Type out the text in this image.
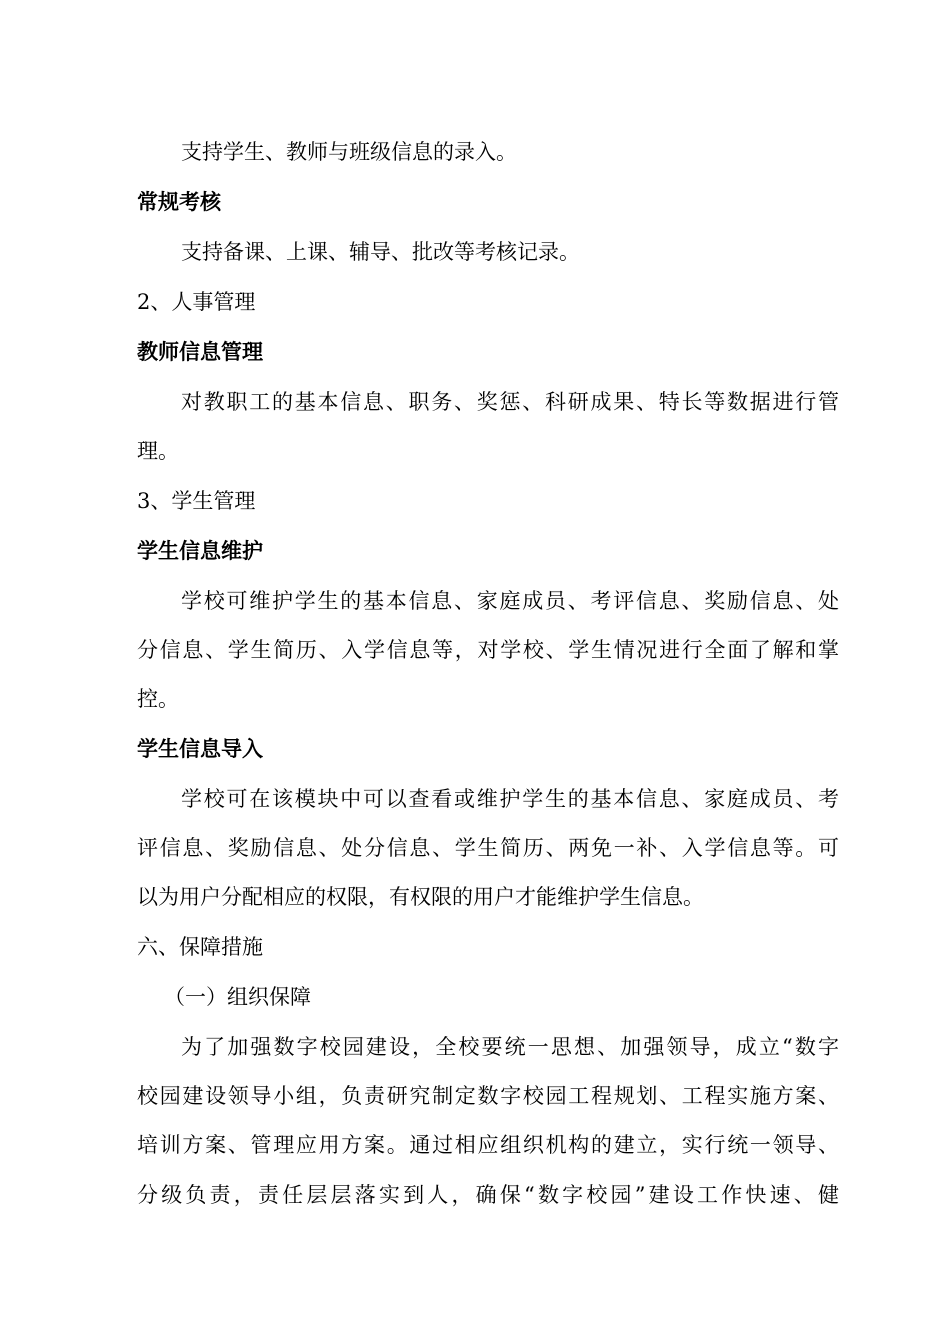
支持学生、教师与班级信息的录入。
常规考核
支持备课、上课、辅导、批改等考核记录。
2、人事管理
教师信息管理
对教职工的基本信息、职务、奖惩、科研成果、特长等数据进行管
理。
3、学生管理
学生信息维护
学校可维护学生的基本信息、家庭成员、考评信息、奖励信息、处
分信息、学生简历、入学信息等，对学校、学生情况进行全面了解和掌
控。
学生信息导入
学校可在该模块中可以查看或维护学生的基本信息、家庭成员、考
评信息、奖励信息、处分信息、学生简历、两免一补、入学信息等。可
以为用户分配相应的权限，有权限的用户才能维护学生信息。
六、保障措施
（一）组织保障
为了加强数字校园建设，全校要统一思想、加强领导，成立“数字
校园建设领导小组，负责研究制定数字校园工程规划、工程实施方案、
培训方案、管理应用方案。通过相应组织机构的建立，实行统一领导、
分级负责，责任层层落实到人，确保“数字校园”建设工作快速、健
